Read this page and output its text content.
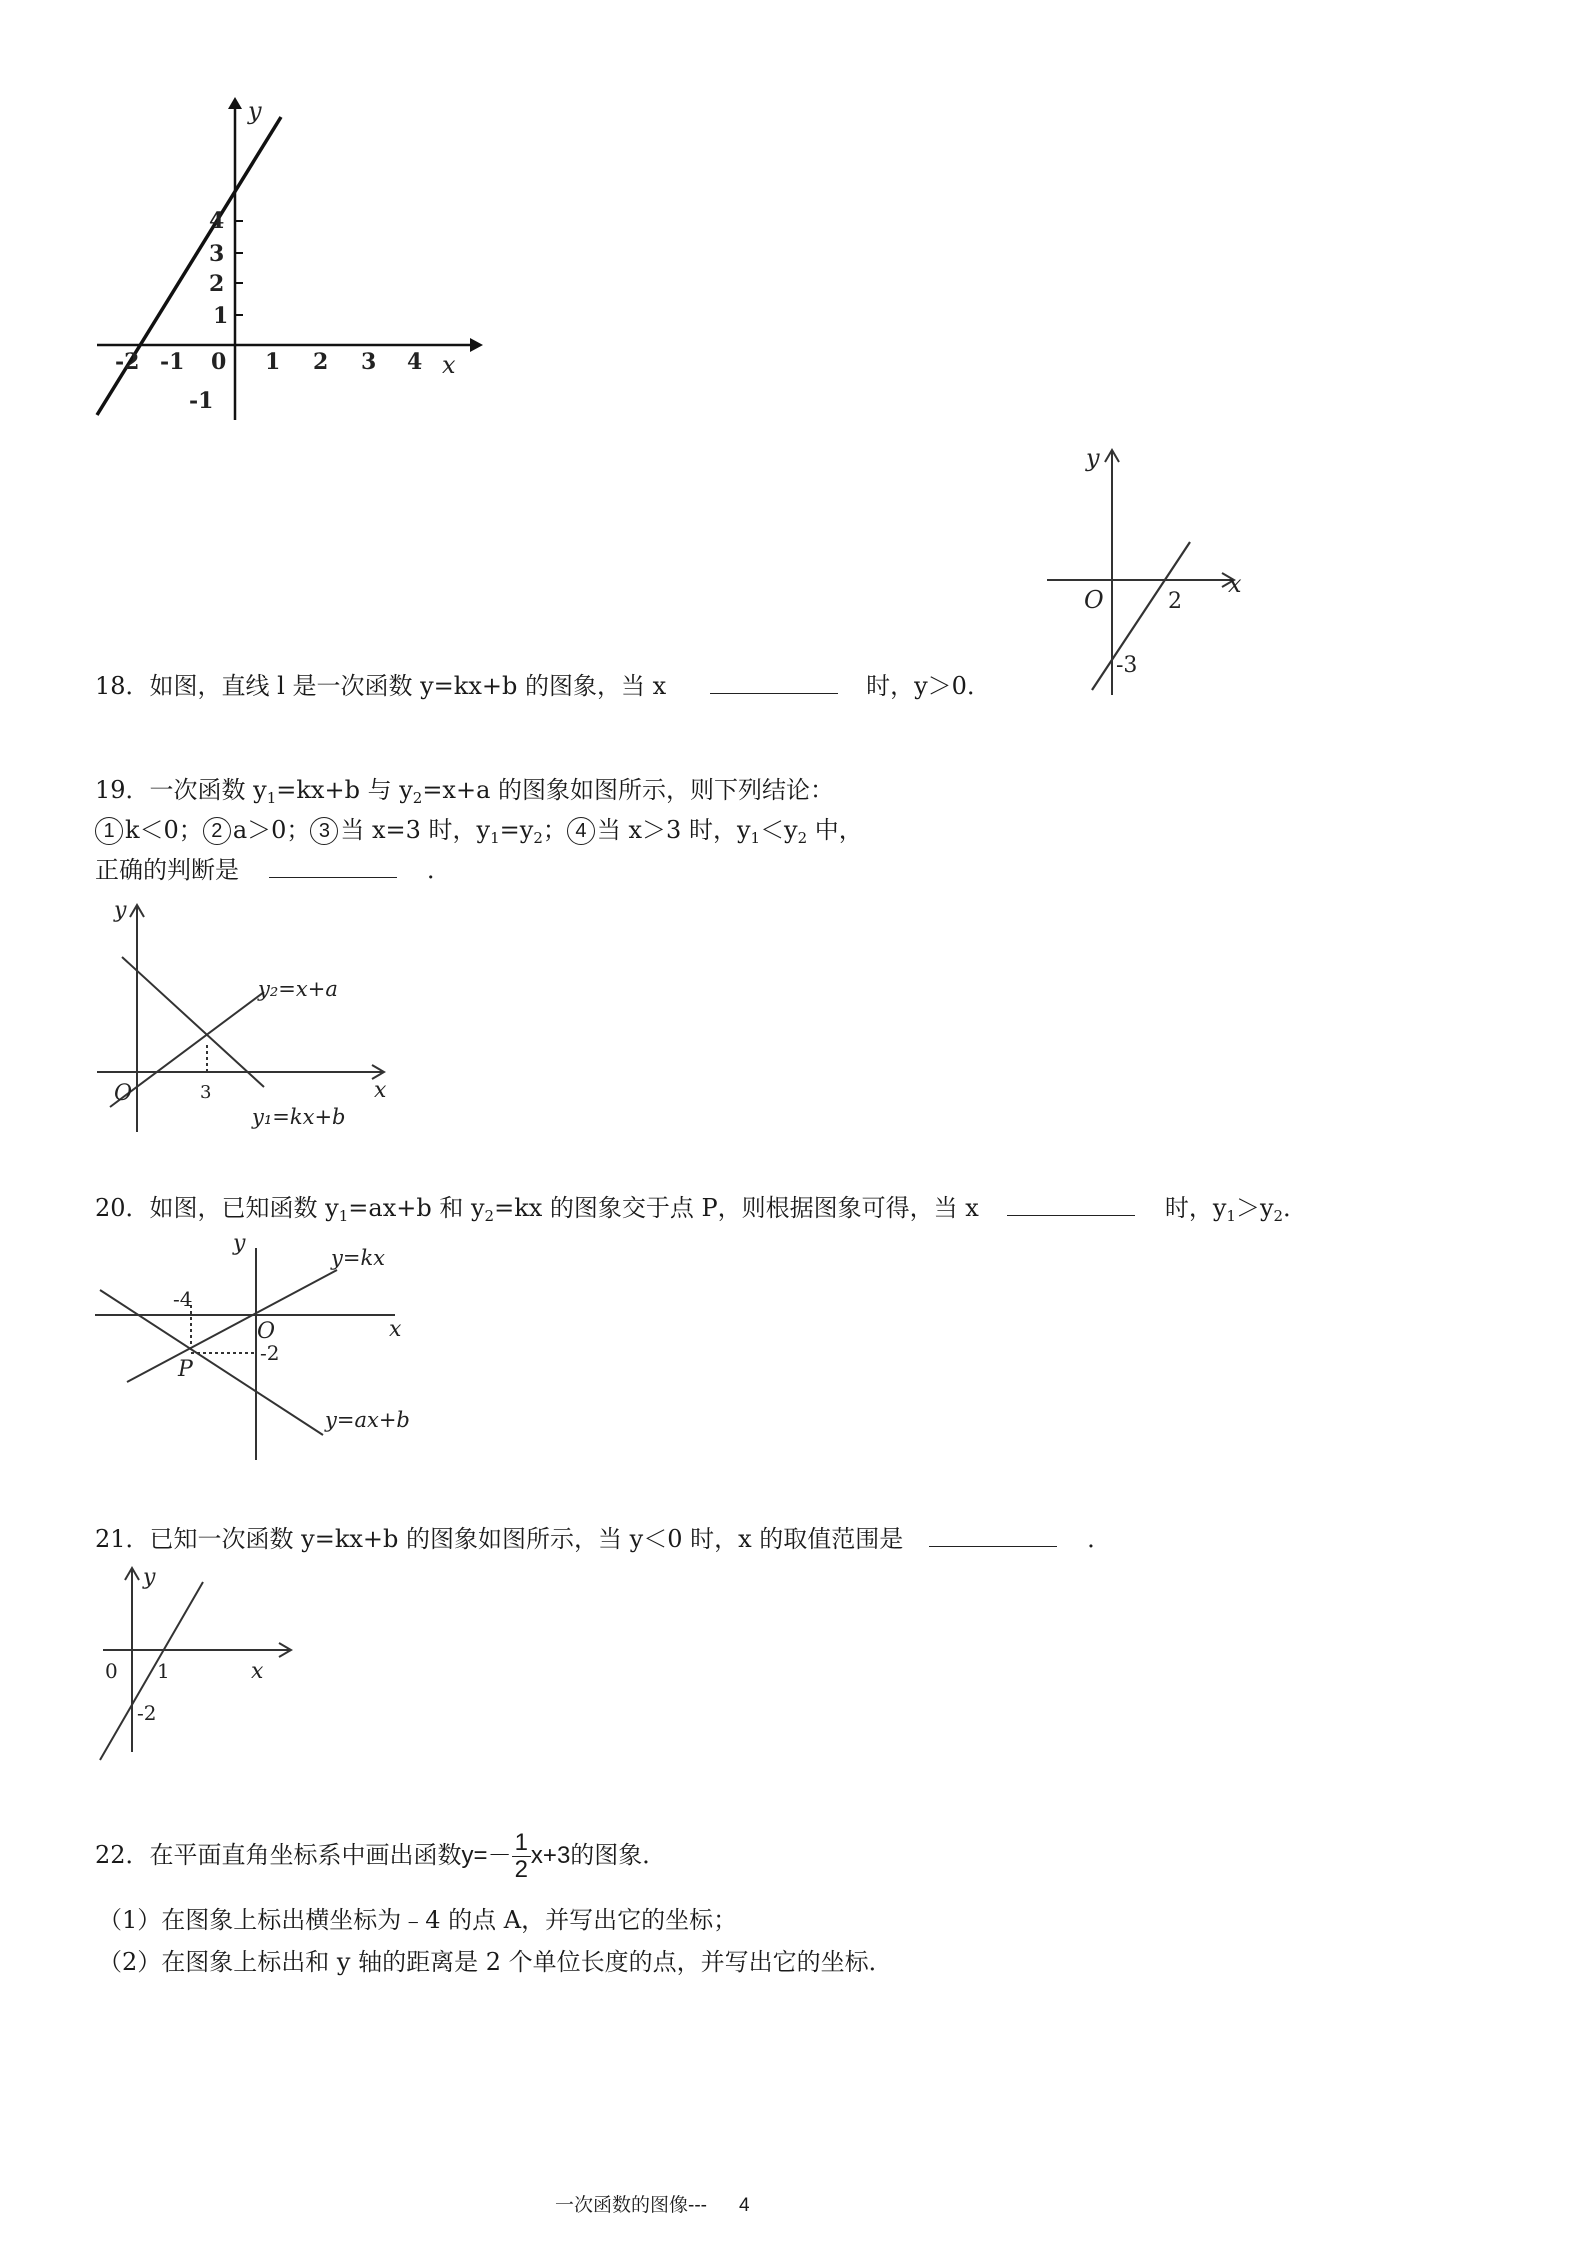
y
x
-2 -1 0 1 2 3 4
4
3
2
1
-1
y
x
O	2
-3
18．如图，直线 l 是一次函数 y=kx+b 的图象，当 x	时，y＞0．
19．一次函数 $y_1=kx+b$ 与 $y_2=x+a$ 的图象如图所示，则下列结论：
1 k＜0； 2 a＞0； 3 当 x=3 时，$y_1=y_2$； 4 当 x＞3 时，$y_1<y_2$ 中，
正确的判断是	．
y
x
O	3
y₂=x+a
y₁=kx+b
20．如图，已知函数 $y_1=ax+b$ 和 $y_2=kx$ 的图象交于点 P，则根据图象可得，当 x	时，$y_1>y_2$．
y
x
O
-4
-2
P
y=kx
y=ax+b
21．已知一次函数 y=kx+b 的图象如图所示，当 y＜0 时，x 的取值范围是	．
y
x
0 1
-2
22．在平面直角坐标系中画出函数$y=- \frac{1}{2} x+3$的图象．
（1）在图象上标出横坐标为﹣4 的点 A，并写出它的坐标；
（2）在图象上标出和 y 轴的距离是 2 个单位长度的点，并写出它的坐标．
一次函数的图像--- 4
